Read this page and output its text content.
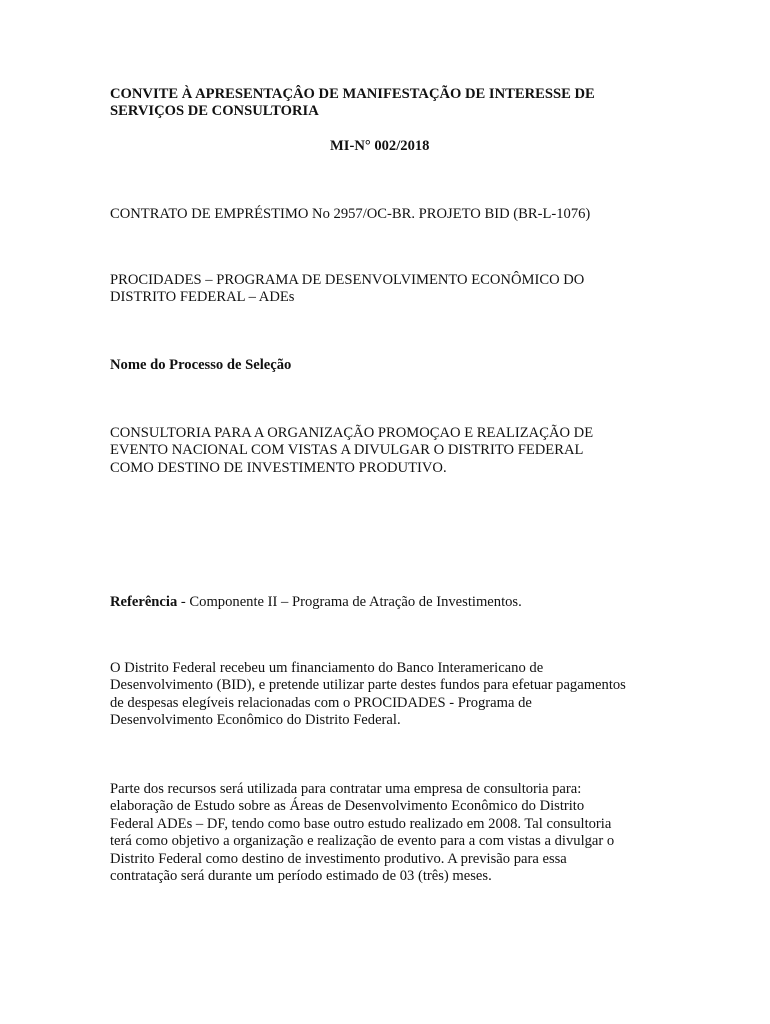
CONVITE À APRESENTAÇÂO DE MANIFESTAÇÃO DE INTERESSE DE
SERVIÇOS DE CONSULTORIA

MI-N° 002/2018

CONTRATO DE EMPRÉSTIMO No 2957/OC-BR. PROJETO BID (BR-L-1076)

PROCIDADES – PROGRAMA DE DESENVOLVIMENTO ECONÔMICO DO
DISTRITO FEDERAL – ADEs

Nome do Processo de Seleção

CONSULTORIA PARA A ORGANIZAÇÃO PROMOÇAO E REALIZAÇÃO DE
EVENTO NACIONAL COM VISTAS A DIVULGAR O DISTRITO FEDERAL
COMO DESTINO DE INVESTIMENTO PRODUTIVO.

Referência - Componente II – Programa de Atração de Investimentos.

O Distrito Federal recebeu um financiamento do Banco Interamericano de
Desenvolvimento (BID), e pretende utilizar parte destes fundos para efetuar pagamentos
de despesas elegíveis relacionadas com o PROCIDADES - Programa de
Desenvolvimento Econômico do Distrito Federal.

Parte dos recursos será utilizada para contratar uma empresa de consultoria para:
elaboração de Estudo sobre as Áreas de Desenvolvimento Econômico do Distrito
Federal ADEs – DF, tendo como base outro estudo realizado em 2008. Tal consultoria
terá como objetivo a organização e realização de evento para a com vistas a divulgar o
Distrito Federal como destino de investimento produtivo. A previsão para essa
contratação será durante um período estimado de 03 (três) meses.
